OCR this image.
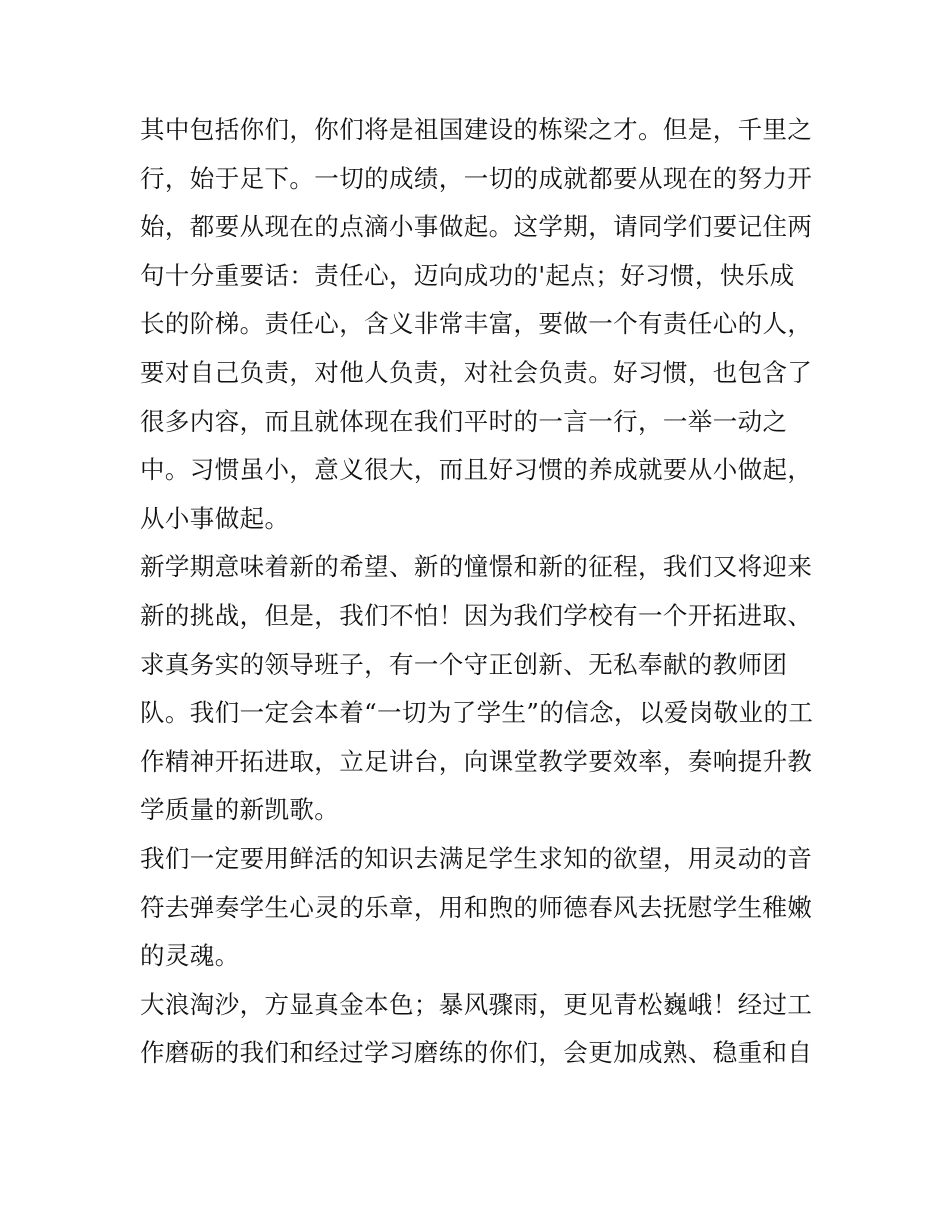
其中包括你们，你们将是祖国建设的栋梁之才。但是，千里之
行，始于足下。一切的成绩，一切的成就都要从现在的努力开
始，都要从现在的点滴小事做起。这学期，请同学们要记住两
句十分重要话：责任心，迈向成功的'起点；好习惯，快乐成
长的阶梯。责任心，含义非常丰富，要做一个有责任心的人，
要对自己负责，对他人负责，对社会负责。好习惯，也包含了
很多内容，而且就体现在我们平时的一言一行，一举一动之
中。习惯虽小，意义很大，而且好习惯的养成就要从小做起，
从小事做起。
新学期意味着新的希望、新的憧憬和新的征程，我们又将迎来
新的挑战，但是，我们不怕！因为我们学校有一个开拓进取、
求真务实的领导班子，有一个守正创新、无私奉献的教师团
队。我们一定会本着“一切为了学生”的信念，以爱岗敬业的工
作精神开拓进取，立足讲台，向课堂教学要效率，奏响提升教
学质量的新凯歌。
我们一定要用鲜活的知识去满足学生求知的欲望，用灵动的音
符去弹奏学生心灵的乐章，用和煦的师德春风去抚慰学生稚嫩
的灵魂。
大浪淘沙，方显真金本色；暴风骤雨，更见青松巍峨！经过工
作磨砺的我们和经过学习磨练的你们，会更加成熟、稳重和自
